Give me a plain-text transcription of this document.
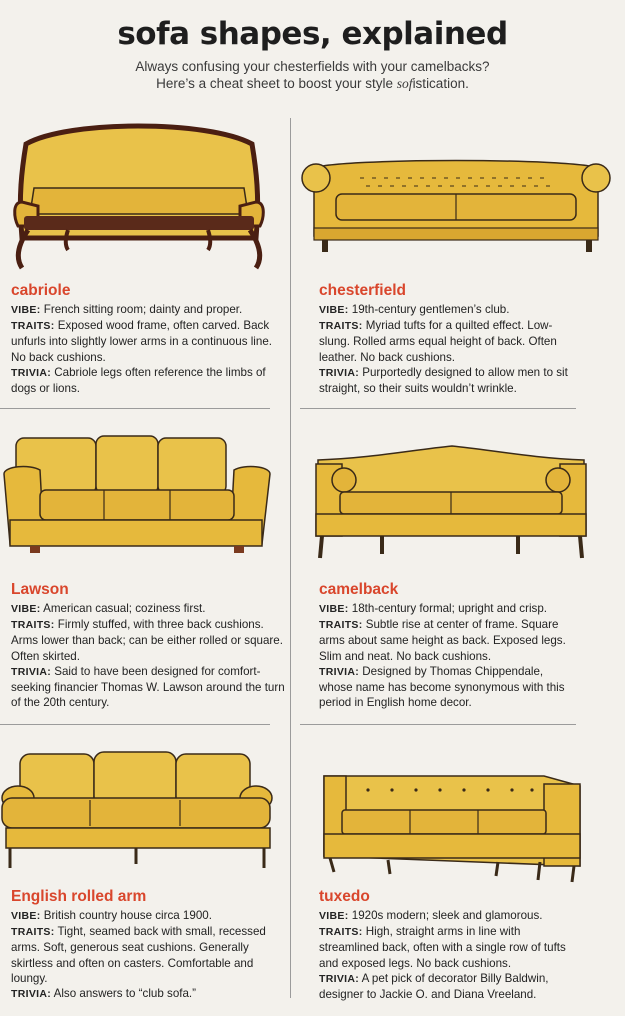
sofa shapes, explained
Always confusing your chesterfields with your camelbacks?
Here’s a cheat sheet to boost your style sofistication.
cabriole

VIBE: French sitting room; dainty and proper.

TRAITS: Exposed wood frame, often carved. Back unfurls into slightly lower arms in a continuous line. No back cushions.

TRIVIA: Cabriole legs often reference the limbs of dogs or lions.

chesterfield

VIBE: 19th-century gentlemen’s club.

TRAITS: Myriad tufts for a quilted effect. Low-slung. Rolled arms equal height of back. Often leather. No back cushions.

TRIVIA: Purportedly designed to allow men to sit straight, so their suits wouldn’t wrinkle.

Lawson

VIBE: American casual; coziness first.

TRAITS: Firmly stuffed, with three back cushions. Arms lower than back; can be either rolled or square. Often skirted.

TRIVIA: Said to have been designed for comfort-seeking financier Thomas W. Lawson around the turn of the 20th century.

camelback

VIBE: 18th-century formal; upright and crisp.

TRAITS: Subtle rise at center of frame. Square arms about same height as back. Exposed legs. Slim and neat. No back cushions.

TRIVIA: Designed by Thomas Chippendale, whose name has become synonymous with this period in English home decor.

English rolled arm

VIBE: British country house circa 1900.

TRAITS: Tight, seamed back with small, recessed arms. Soft, generous seat cushions. Generally skirtless and often on casters. Comfortable and loungy.

TRIVIA: Also answers to “club sofa.”

tuxedo

VIBE: 1920s modern; sleek and glamorous.

TRAITS: High, straight arms in line with streamlined back, often with a single row of tufts and exposed legs. No back cushions.

TRIVIA: A pet pick of decorator Billy Baldwin, designer to Jackie O. and Diana Vreeland.
